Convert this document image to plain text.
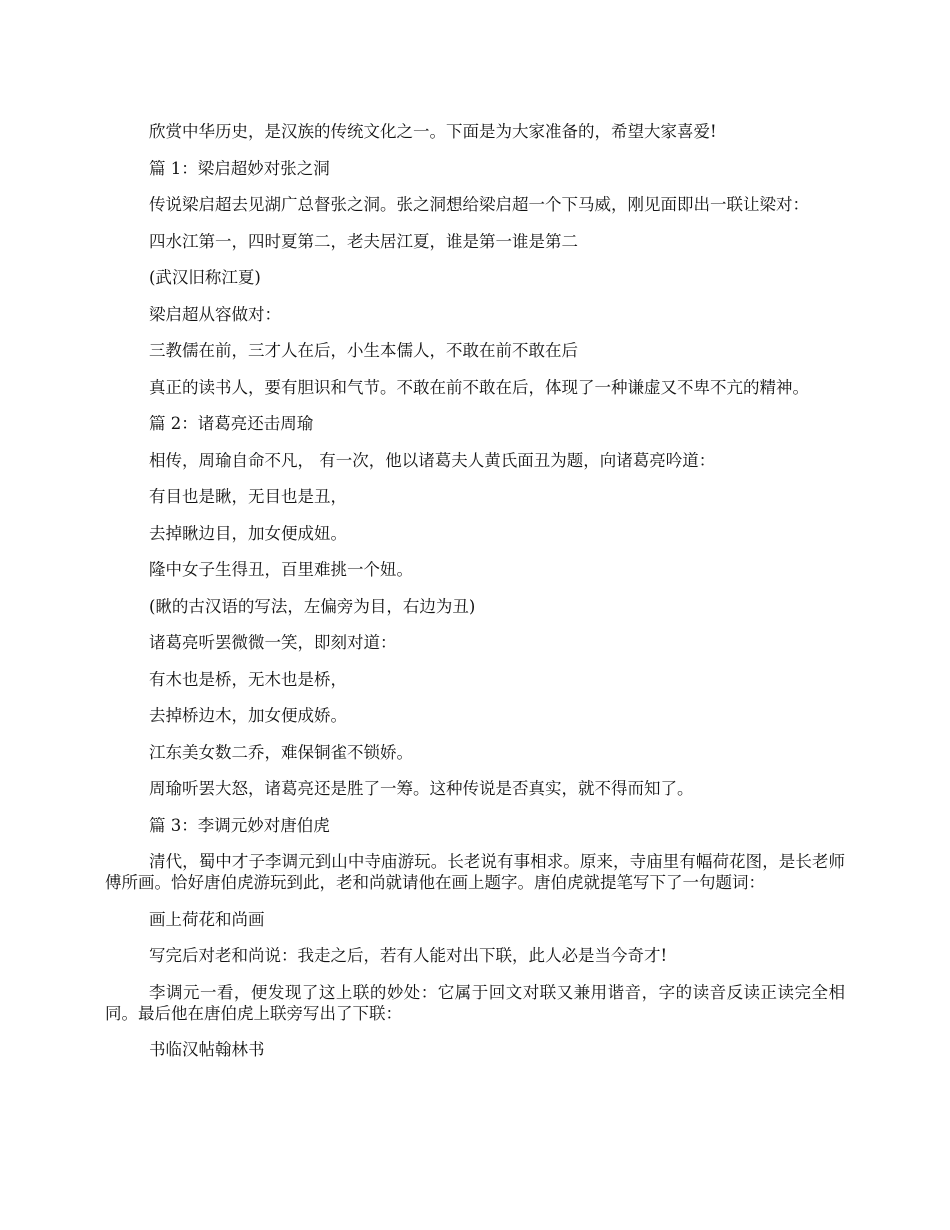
欣赏中华历史，是汉族的传统文化之一。下面是为大家准备的，希望大家喜爱!

篇 1：梁启超妙对张之洞

传说梁启超去见湖广总督张之洞。张之洞想给梁启超一个下马威，刚见面即出一联让梁对：

四水江第一，四时夏第二，老夫居江夏，谁是第一谁是第二

(武汉旧称江夏)

梁启超从容做对：

三教儒在前，三才人在后，小生本儒人，不敢在前不敢在后

真正的读书人，要有胆识和气节。不敢在前不敢在后，体现了一种谦虚又不卑不亢的精神。

篇 2：诸葛亮还击周瑜

相传，周瑜自命不凡， 有一次，他以诸葛夫人黄氏面丑为题，向诸葛亮吟道：

有目也是瞅，无目也是丑，

去掉瞅边目，加女便成妞。

隆中女子生得丑，百里难挑一个妞。

(瞅的古汉语的写法，左偏旁为目，右边为丑)

诸葛亮听罢微微一笑，即刻对道：

有木也是桥，无木也是桥，

去掉桥边木，加女便成娇。

江东美女数二乔，难保铜雀不锁娇。

周瑜听罢大怒，诸葛亮还是胜了一筹。这种传说是否真实，就不得而知了。

篇 3：李调元妙对唐伯虎

清代，蜀中才子李调元到山中寺庙游玩。长老说有事相求。原来，寺庙里有幅荷花图，是长老师傅所画。恰好唐伯虎游玩到此，老和尚就请他在画上题字。唐伯虎就提笔写下了一句题词：

画上荷花和尚画

写完后对老和尚说：我走之后，若有人能对出下联，此人必是当今奇才!

李调元一看，便发现了这上联的妙处：它属于回文对联又兼用谐音，字的读音反读正读完全相同。最后他在唐伯虎上联旁写出了下联：

书临汉帖翰林书
